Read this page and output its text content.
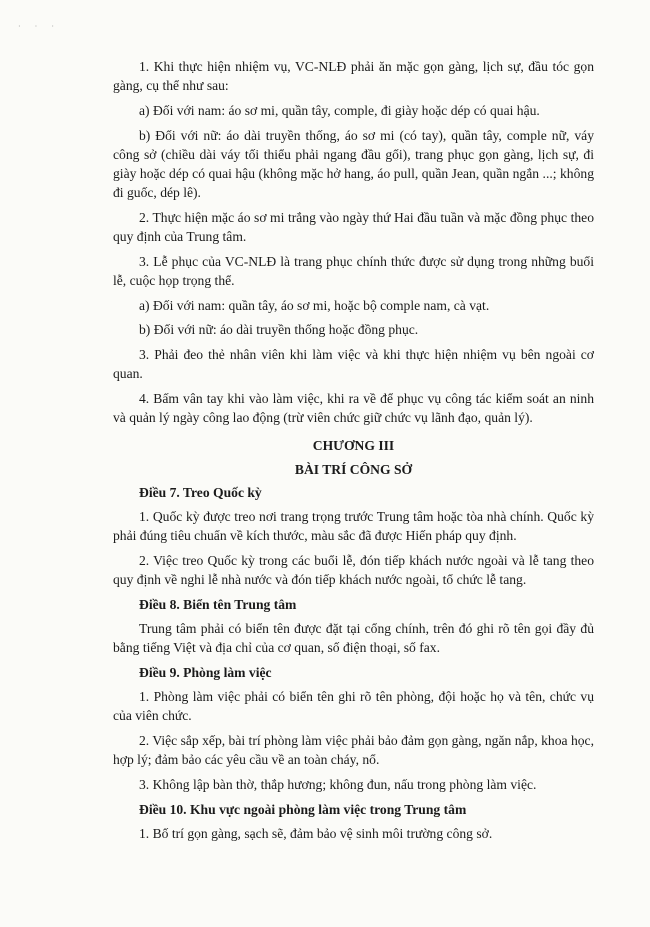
· · ·

1. Khi thực hiện nhiệm vụ, VC-NLĐ phải ăn mặc gọn gàng, lịch sự, đầu tóc gọn gàng, cụ thể như sau:

a) Đối với nam: áo sơ mi, quần tây, comple, đi giày hoặc dép có quai hậu.

b) Đối với nữ: áo dài truyền thống, áo sơ mi (có tay), quần tây, comple nữ, váy công sở (chiều dài váy tối thiểu phải ngang đầu gối), trang phục gọn gàng, lịch sự, đi giày hoặc dép có quai hậu (không mặc hở hang, áo pull, quần Jean, quần ngắn ...; không đi guốc, dép lê).

2. Thực hiện mặc áo sơ mi trắng vào ngày thứ Hai đầu tuần và mặc đồng phục theo quy định của Trung tâm.

3. Lễ phục của VC-NLĐ là trang phục chính thức được sử dụng trong những buổi lễ, cuộc họp trọng thể.

a) Đối với nam: quần tây, áo sơ mi, hoặc bộ comple nam, cà vạt.

b) Đối với nữ: áo dài truyền thống hoặc đồng phục.

3. Phải đeo thẻ nhân viên khi làm việc và khi thực hiện nhiệm vụ bên ngoài cơ quan.

4. Bấm vân tay khi vào làm việc, khi ra về để phục vụ công tác kiểm soát an ninh và quản lý ngày công lao động (trừ viên chức giữ chức vụ lãnh đạo, quản lý).

CHƯƠNG III

BÀI TRÍ CÔNG SỞ

Điều 7. Treo Quốc kỳ

1. Quốc kỳ được treo nơi trang trọng trước Trung tâm hoặc tòa nhà chính. Quốc kỳ phải đúng tiêu chuẩn về kích thước, màu sắc đã được Hiến pháp quy định.

2. Việc treo Quốc kỳ trong các buổi lễ, đón tiếp khách nước ngoài và lễ tang theo quy định về nghi lễ nhà nước và đón tiếp khách nước ngoài, tổ chức lễ tang.

Điều 8. Biển tên Trung tâm

Trung tâm phải có biển tên được đặt tại cổng chính, trên đó ghi rõ tên gọi đầy đủ bằng tiếng Việt và địa chỉ của cơ quan, số điện thoại, số fax.

Điều 9. Phòng làm việc

1. Phòng làm việc phải có biển tên ghi rõ tên phòng, đội hoặc họ và tên, chức vụ của viên chức.

2. Việc sắp xếp, bài trí phòng làm việc phải bảo đảm gọn gàng, ngăn nắp, khoa học, hợp lý; đảm bảo các yêu cầu về an toàn cháy, nổ.

3. Không lập bàn thờ, thắp hương; không đun, nấu trong phòng làm việc.

Điều 10. Khu vực ngoài phòng làm việc trong Trung tâm

1. Bố trí gọn gàng, sạch sẽ, đảm bảo vệ sinh môi trường công sở.
